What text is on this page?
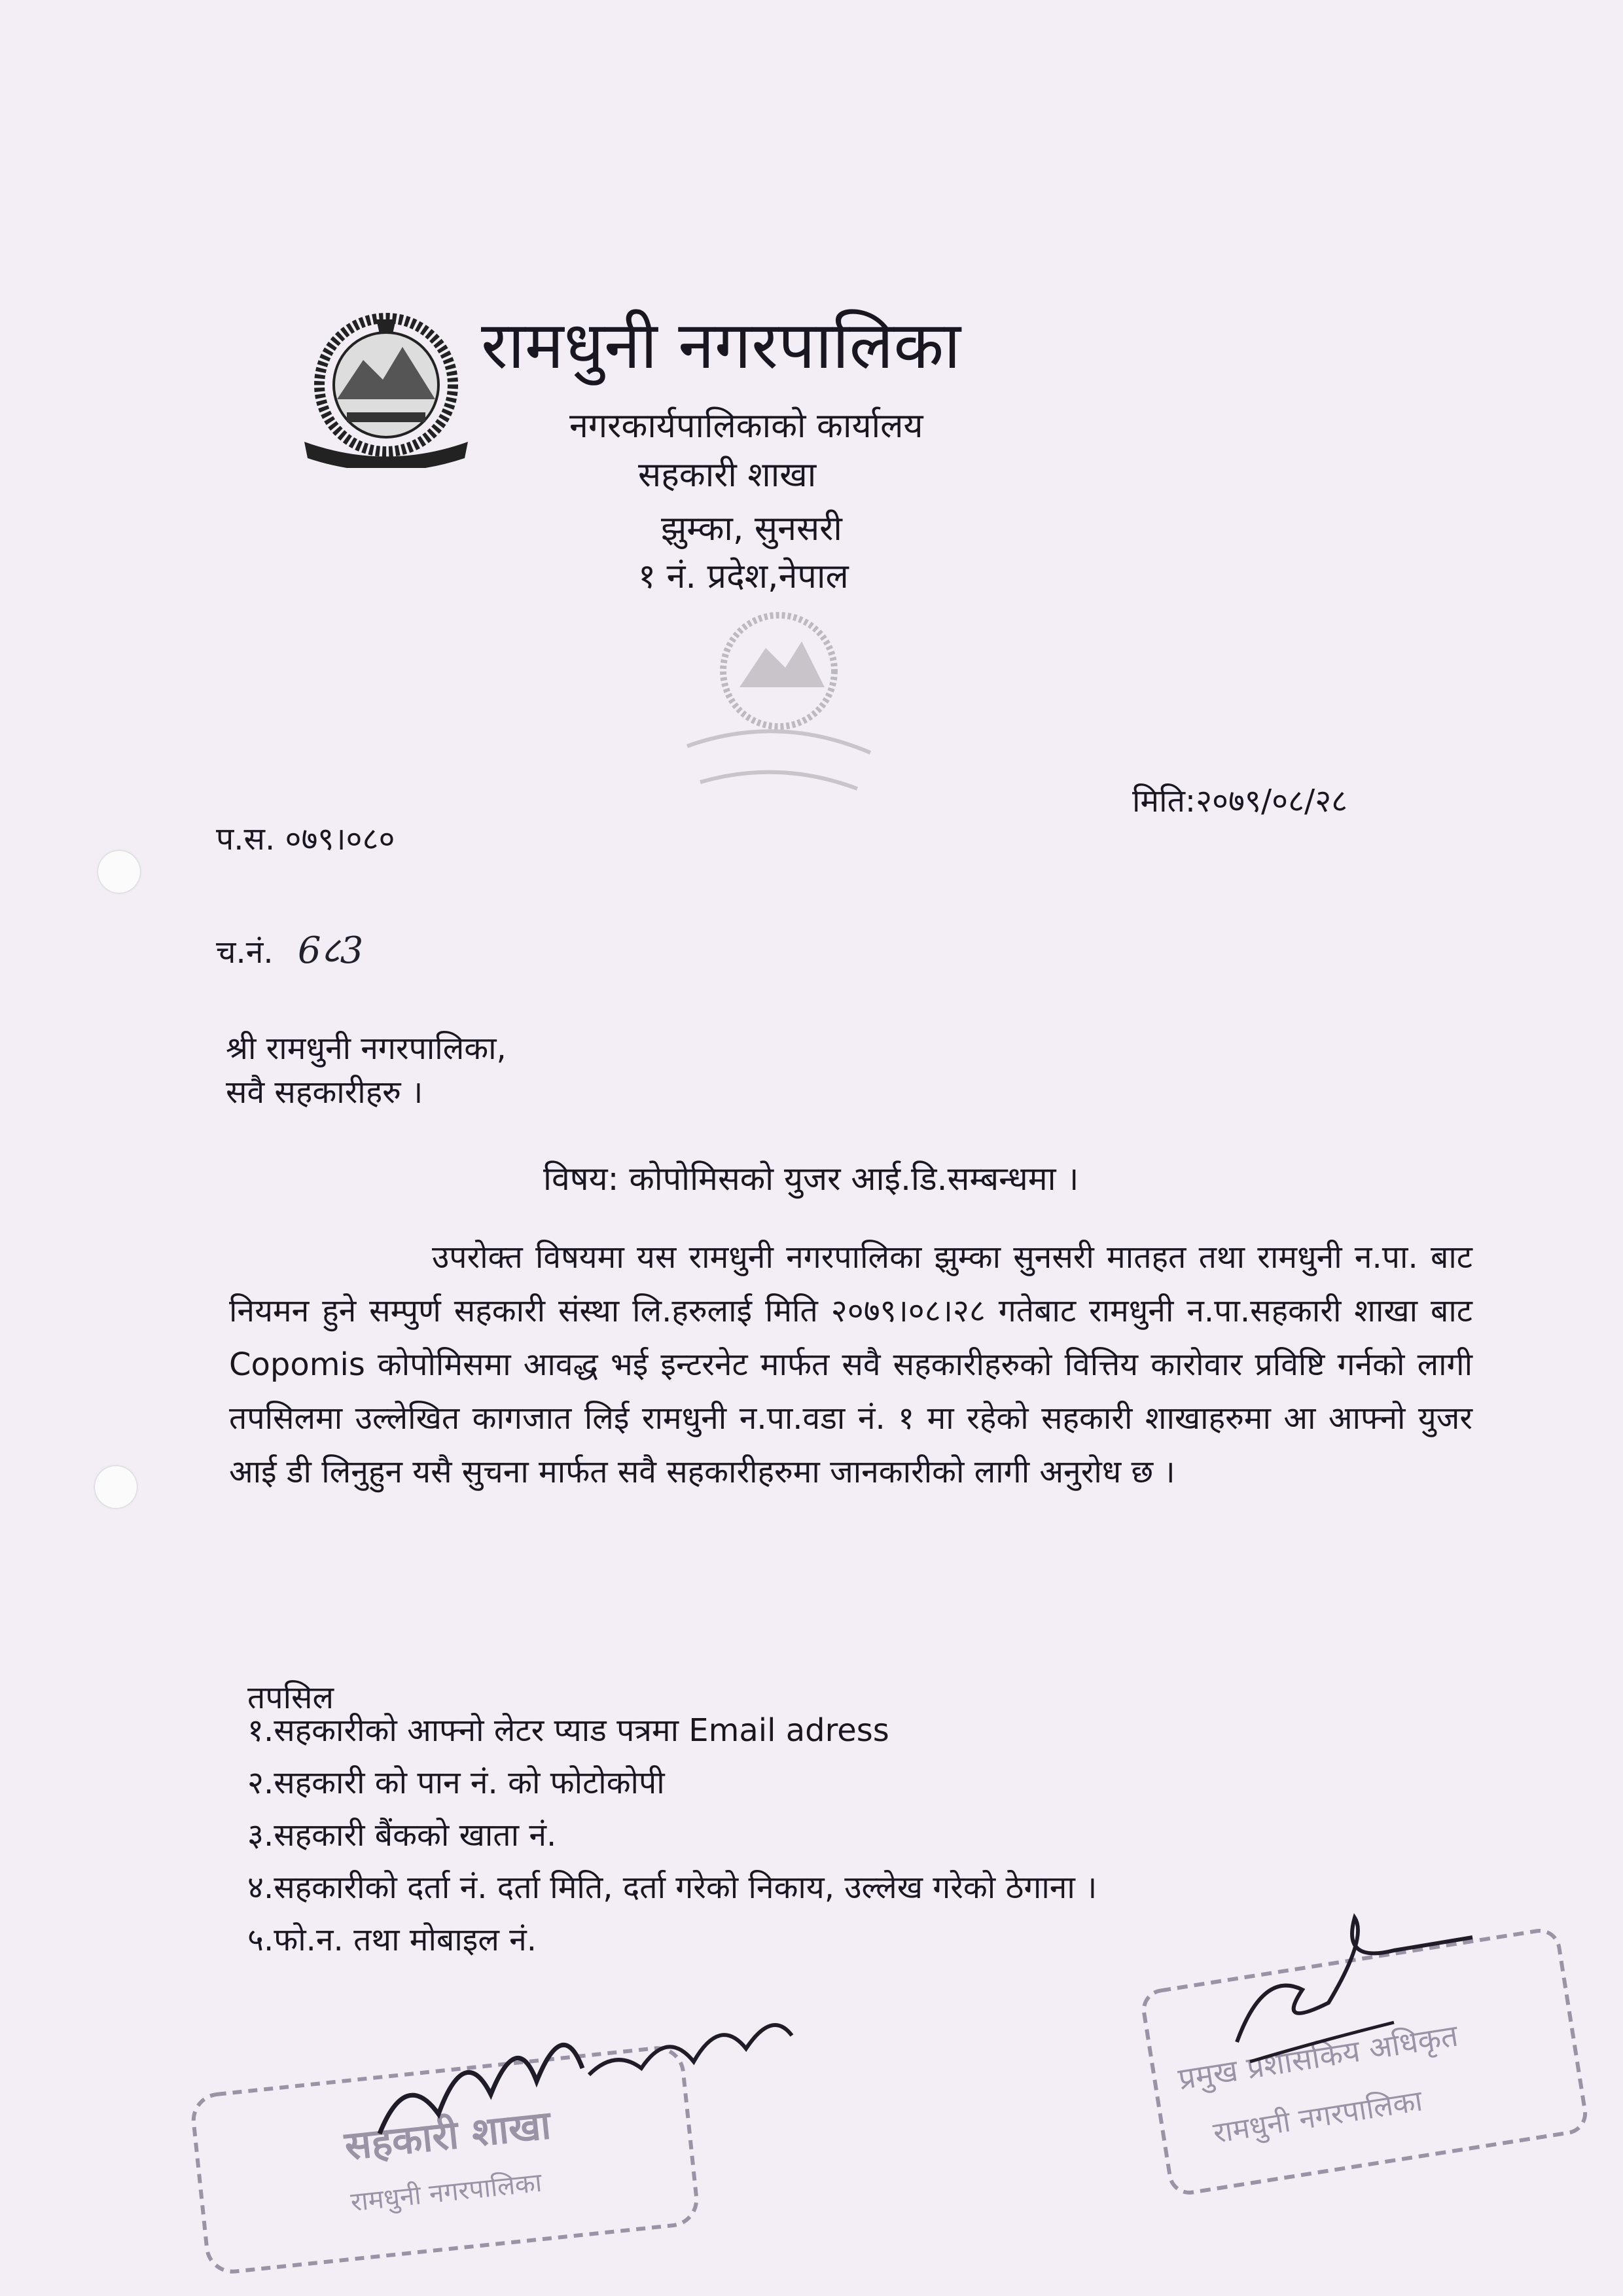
रामधुनी नगरपालिका
नगरकार्यपालिकाको कार्यालय
सहकारी शाखा
झुम्का, सुनसरी
१ नं. प्रदेश,नेपाल
मिति:२०७९/०८/२८
प.स. ०७९।०८०
च.नं. 6८3
श्री रामधुनी नगरपालिका,
सवै सहकारीहरु ।
विषय: कोपोमिसको युजर आई.डि.सम्बन्धमा ।
उपरोक्त विषयमा यस रामधुनी नगरपालिका झुम्का सुनसरी मातहत तथा रामधुनी न.पा. बाट नियमन हुने सम्पुर्ण सहकारी संस्था लि.हरुलाई मिति २०७९।०८।२८ गतेबाट रामधुनी न.पा.सहकारी शाखा बाट Copomis कोपोमिसमा आवद्ध भई इन्टरनेट मार्फत सवै सहकारीहरुको वित्तिय कारोवार प्रविष्टि गर्नको लागी तपसिलमा उल्लेखित कागजात लिई रामधुनी न.पा.वडा नं. १ मा रहेको सहकारी शाखाहरुमा आ आफ्नो युजर आई डी लिनुहुन यसै सुचना मार्फत सवै सहकारीहरुमा जानकारीको लागी अनुरोध छ ।
तपसिल
१.सहकारीको आफ्नो लेटर प्याड पत्रमा Email adress
२.सहकारी को पान नं. को फोटोकोपी
३.सहकारी बैंकको खाता नं.
४.सहकारीको दर्ता नं. दर्ता मिति, दर्ता गरेको निकाय, उल्लेख गरेको ठेगाना ।
५.फो.न. तथा मोबाइल नं.
सहकारी शाखा
रामधुनी नगरपालिका
प्रमुख प्रशासकिय अधिकृत
रामधुनी नगरपालिका
